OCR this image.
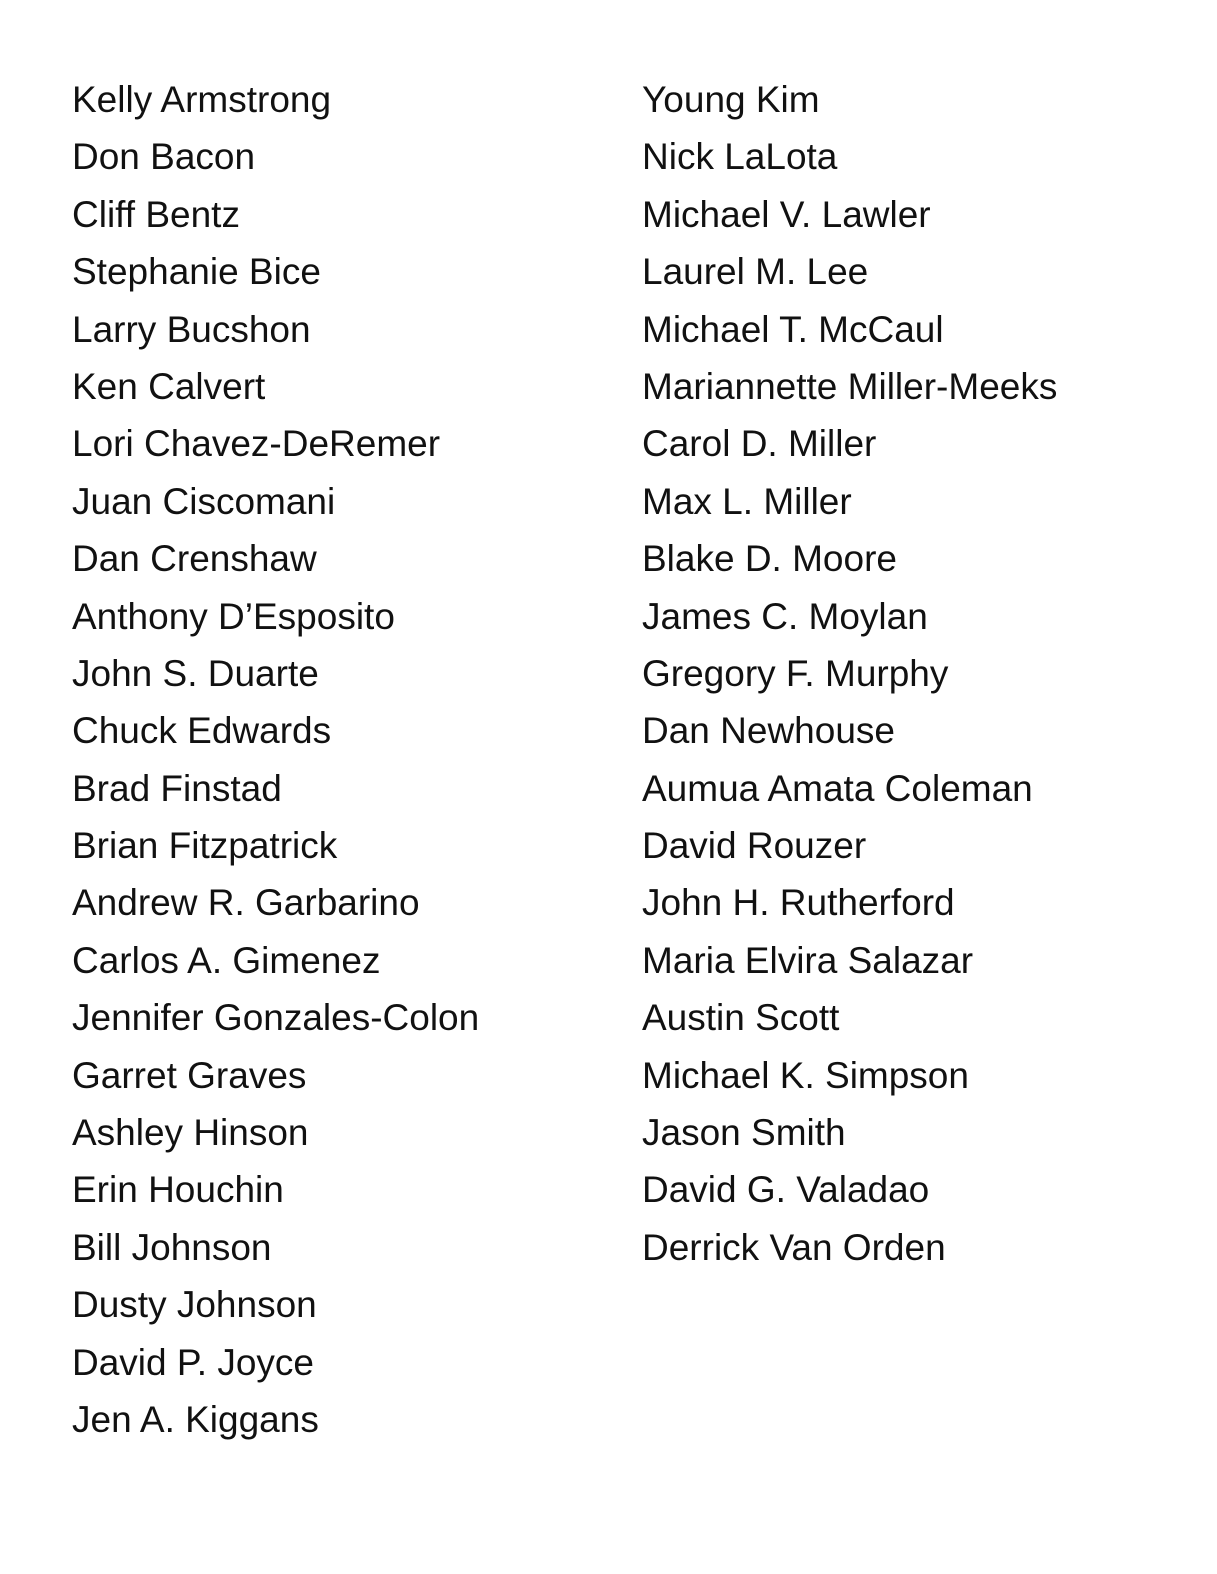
Kelly Armstrong
Don Bacon
Cliff Bentz
Stephanie Bice
Larry Bucshon
Ken Calvert
Lori Chavez-DeRemer
Juan Ciscomani
Dan Crenshaw
Anthony D’Esposito
John S. Duarte
Chuck Edwards
Brad Finstad
Brian Fitzpatrick
Andrew R. Garbarino
Carlos A. Gimenez
Jennifer Gonzales-Colon
Garret Graves
Ashley Hinson
Erin Houchin
Bill Johnson
Dusty Johnson
David P. Joyce
Jen A. Kiggans
Young Kim
Nick LaLota
Michael V. Lawler
Laurel M. Lee
Michael T. McCaul
Mariannette Miller-Meeks
Carol D. Miller
Max L. Miller
Blake D. Moore
James C. Moylan
Gregory F. Murphy
Dan Newhouse
Aumua Amata Coleman
David Rouzer
John H. Rutherford
Maria Elvira Salazar
Austin Scott
Michael K. Simpson
Jason Smith
David G. Valadao
Derrick Van Orden
